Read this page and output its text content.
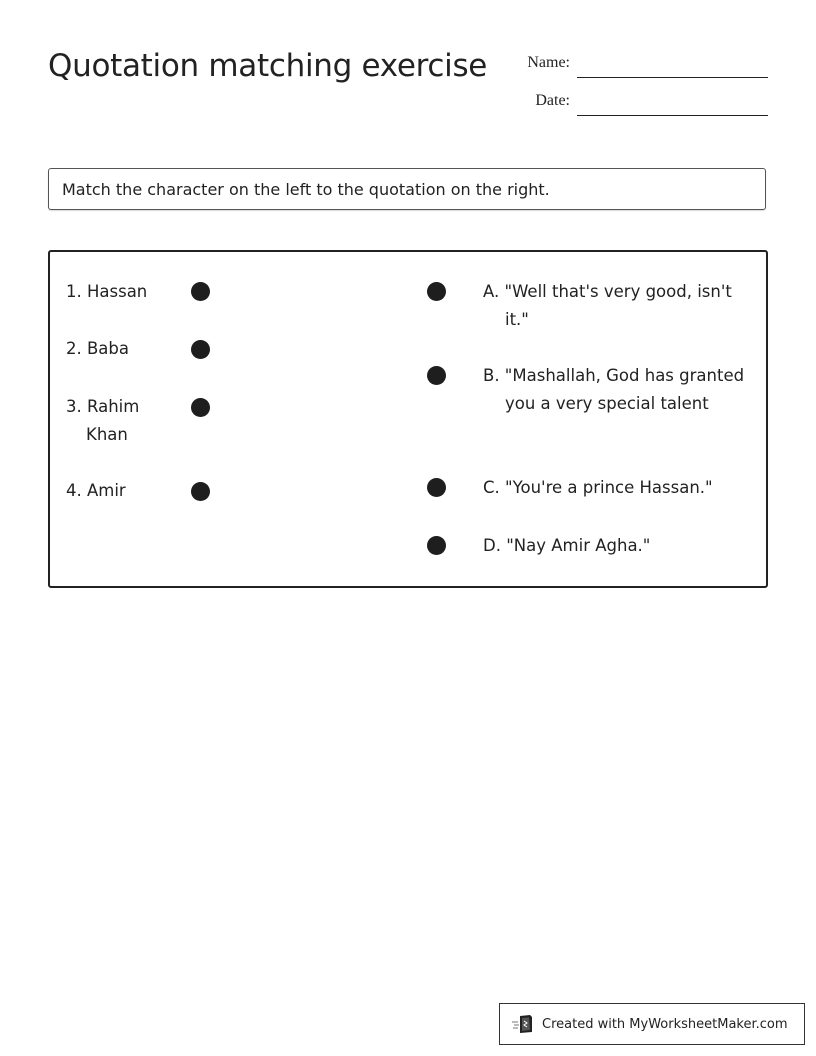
Quotation matching exercise	Name:
Date:
Match the character on the left to the quotation on the right.
1. Hassan
2. Baba
3. Rahim Khan
4. Amir
A. "Well that's very good, isn't it."
B. "Mashallah, God has granted you a very special talent
C. "You're a prince Hassan."
D. "Nay Amir Agha."
Created with MyWorksheetMaker.com
